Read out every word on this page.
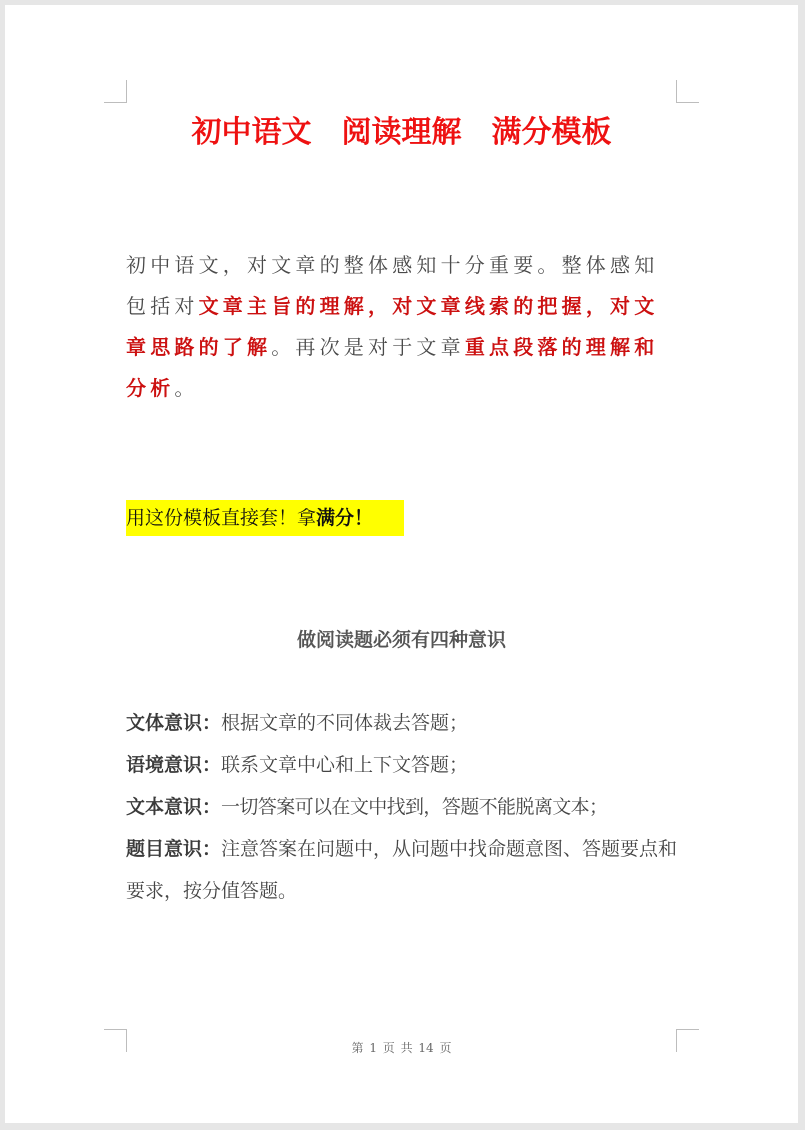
初中语文　阅读理解　满分模板

初中语文，对文章的整体感知十分重要。整体感知包括对文章主旨的理解，对文章线索的把握，对文章思路的了解。再次是对于文章重点段落的理解和分析。

用这份模板直接套！拿满分！
做阅读题必须有四种意识
文体意识：根据文章的不同体裁去答题；
语境意识：联系文章中心和上下文答题；
文本意识：一切答案可以在文中找到，答题不能脱离文本；
题目意识：注意答案在问题中，从问题中找命题意图、答题要点和要求，按分值答题。
第 1 页 共 14 页
